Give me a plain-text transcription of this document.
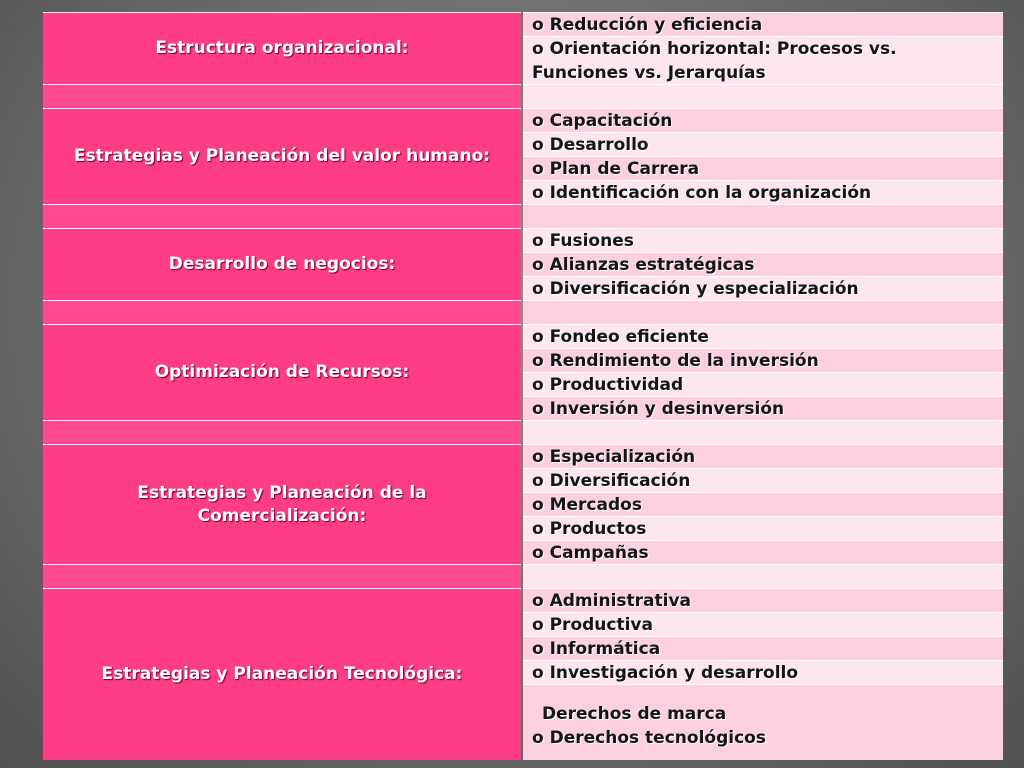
Estructura organizacional:
o Reducción y eficiencia
o Orientación horizontal: Procesos vs. Funciones vs. Jerarquías
Estrategias y Planeación del valor humano:
o Capacitación
o Desarrollo
o Plan de Carrera
o Identificación con la organización
Desarrollo de negocios:
o Fusiones
o Alianzas estratégicas
o Diversificación y especialización
Optimización de Recursos:
o Fondeo eficiente
o Rendimiento de la inversión
o Productividad
o Inversión y desinversión
Estrategias y Planeación de la Comercialización:
o Especialización
o Diversificación
o Mercados
o Productos
o Campañas
Estrategias y Planeación Tecnológica:
o Administrativa
o Productiva
o Informática
o Investigación y desarrollo
Derechos de marca
o Derechos tecnológicos
